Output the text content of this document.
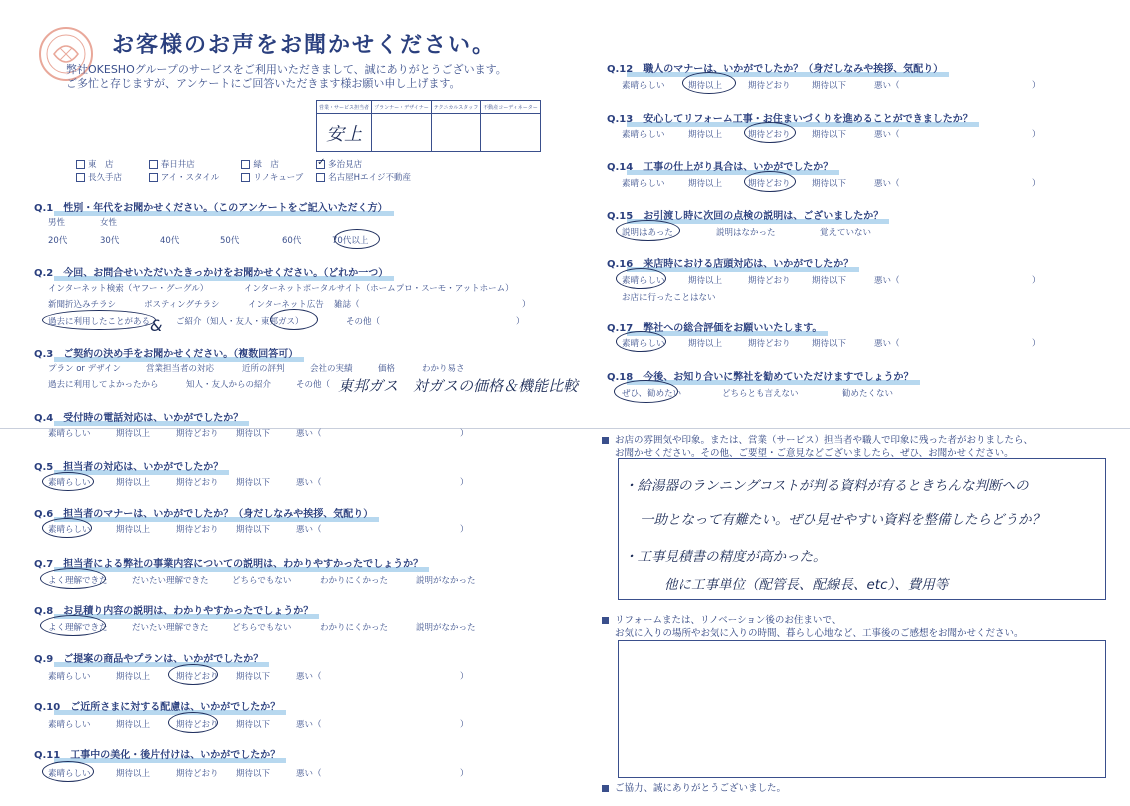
お客様のお声をお聞かせください。
弊社OKESHOグループのサービスをご利用いただきまして、誠にありがとうございます。
ご多忙と存じますが、アンケートにご回答いただきます様お願い申し上げます。
営業・サービス担当者	プランナー・デザイナー	テクニカルスタッフ	不動産コーディネーター
安上			
東　店	春日井店	緑　店	✓ 多治見店
長久手店	アイ・スタイル	リノキューブ	名古屋Hエイジ不動産
Q.1　 性別・年代をお聞かせください。（このアンケートをご記入いただく方）
男性	女性
20代	30代	40代	50代	60代	70代以上
Q.2　 今回、お問合せいただいたきっかけをお聞かせください。（どれか一つ）
インターネット検索（ヤフー・グーグル）	インターネットポータルサイト（ホームプロ・スーモ・アットホーム）
新聞折込みチラシ	ポスティングチラシ	インターネット広告 雑誌（	）
過去に利用したことがある	ご紹介（知人・友人・東邦ガス）	その他（	）
&
Q.3　 ご契約の決め手をお聞かせください。（複数回答可）
プラン or デザイン	営業担当者の対応	近所の評判	会社の実績	価格	わかり易さ
過去に利用してよかったから	知人・友人からの紹介	その他（ 東邦ガス　対ガスの価格＆機能比較
Q.4　 受付時の電話対応は、いかがでしたか？
素晴らしい	期待以上	期待どおり 期待以下	悪い（	）
Q.5　 担当者の対応は、いかがでしたか？
素晴らしい	期待以上	期待どおり 期待以下	悪い（	）
Q.6　 担当者のマナーは、いかがでしたか？（身だしなみや挨拶、気配り）
素晴らしい	期待以上	期待どおり 期待以下	悪い（	）
Q.7　 担当者による弊社の事業内容についての説明は、わかりやすかったでしょうか？
よく理解できた	だいたい理解できた	どちらでもない	わかりにくかった	説明がなかった
Q.8　 お見積り内容の説明は、わかりやすかったでしょうか？
よく理解できた	だいたい理解できた	どちらでもない	わかりにくかった	説明がなかった
Q.9　 ご提案の商品やプランは、いかがでしたか？
素晴らしい	期待以上	期待どおり 期待以下	悪い（	）
Q.10　 ご近所さまに対する配慮は、いかがでしたか？
素晴らしい	期待以上	期待どおり 期待以下	悪い（	）
Q.11　 工事中の美化・後片付けは、いかがでしたか？
素晴らしい	期待以上	期待どおり 期待以下	悪い（	）
Q.12　 職人のマナーは、いかがでしたか？（身だしなみや挨拶、気配り）
素晴らしい	期待以上	期待どおり	期待以下	悪い（	）
Q.13　 安心してリフォーム工事・お住まいづくりを進めることができましたか？
素晴らしい	期待以上	期待どおり	期待以下	悪い（	）
Q.14　 工事の仕上がり具合は、いかがでしたか？
素晴らしい	期待以上	期待どおり	期待以下	悪い（	）
Q.15　 お引渡し時に次回の点検の説明は、ございましたか？
説明はあった	説明はなかった	覚えていない
Q.16　 来店時における店頭対応は、いかがでしたか？
素晴らしい	期待以上	期待どおり	期待以下	悪い（	）
お店に行ったことはない
Q.17　 弊社への総合評価をお願いいたします。
素晴らしい	期待以上	期待どおり	期待以下	悪い（	）
Q.18　 今後、お知り合いに弊社を勧めていただけますでしょうか？
ぜひ、勧めたい	どちらとも言えない	勧めたくない
お店の雰囲気や印象。または、営業（サービス）担当者や職人で印象に残った者がおりましたら、
お聞かせください。その他、ご要望・ご意見などございましたら、ぜひ、お聞かせください。
・給湯器のランニングコストが判る資料が有るときちんな判断への
一助となって有難たい。ぜひ見せやすい資料を整備したらどうか？
・工事見積書の精度が高かった。
他に工事単位（配管長、配線長、etc）、費用等
リフォームまたは、リノベーション後のお住まいで、
お気に入りの場所やお気に入りの時間、暮らし心地など、工事後のご感想をお聞かせください。
ご協力、誠にありがとうございました。
